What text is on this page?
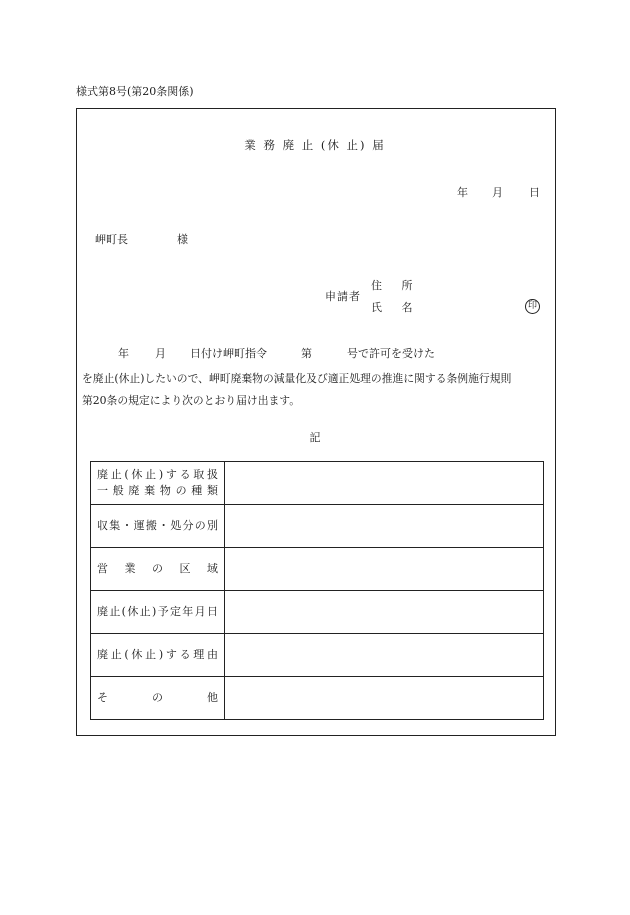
様式第8号(第20条関係)
業 務 廃 止 (休 止) 届
年 月 日
岬町長	様
申請者
住 所
氏 名	印
年 月 日付け岬町指令	第	号で許可を受けた
を廃止(休止)したいので、岬町廃棄物の減量化及び適正処理の推進に関する条例施行規則
第20条の規定により次のとおり届け出ます。
記
廃止(休止)する取扱
一般廃棄物の種類	

収集・運搬・処分の別	

営業の区域	

廃止(休止)予定年月日	

廃止(休止)する理由	

その他	
